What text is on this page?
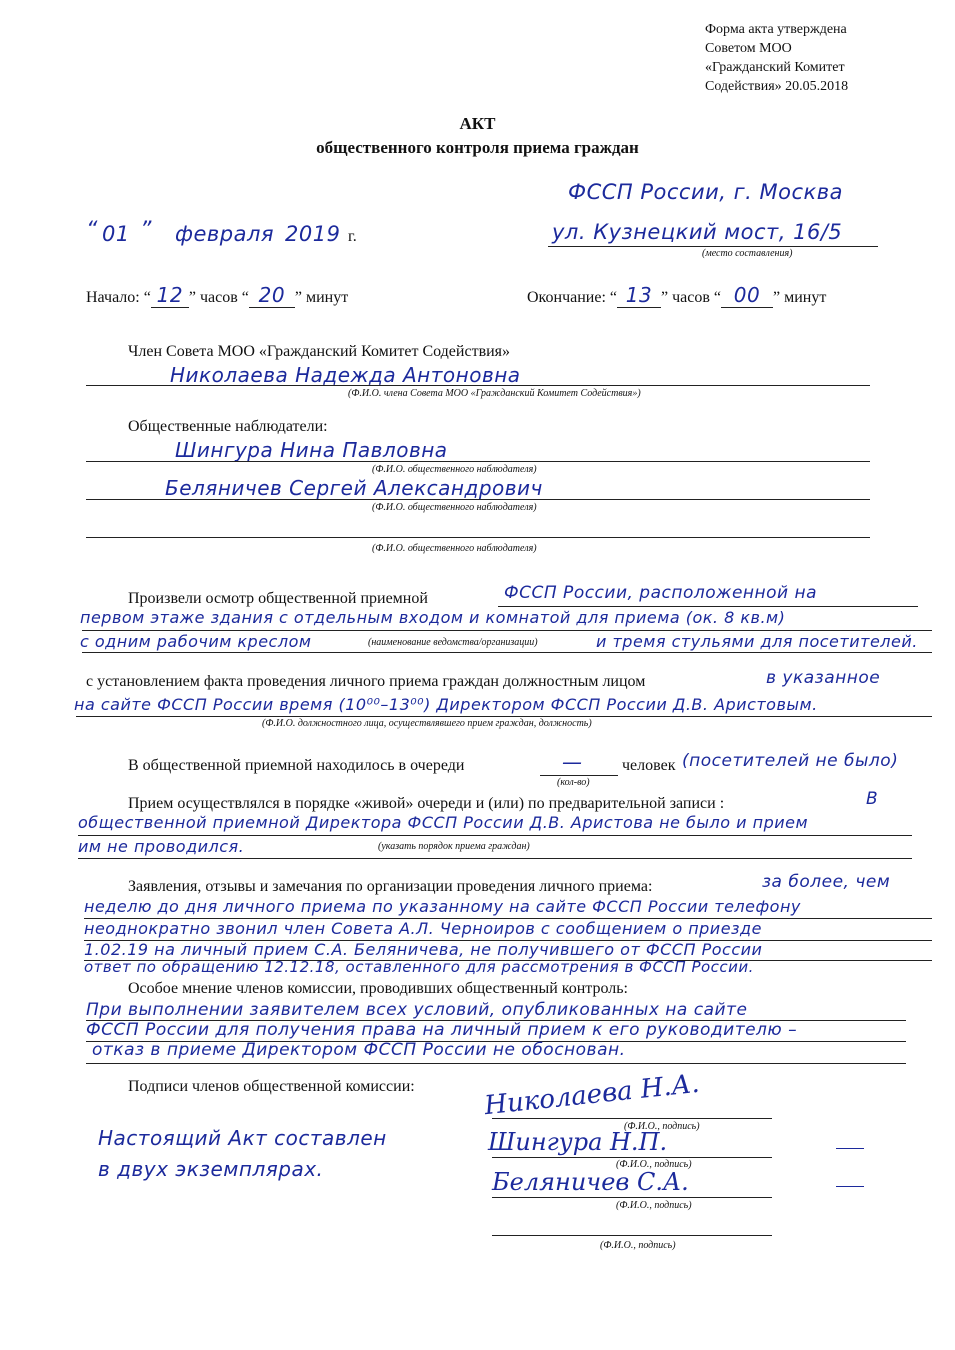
Форма акта утверждена
Советом МОО
«Гражданский Комитет
Содействия» 20.05.2018
АКТ
общественного контроля приема граждан
ФССП России, г. Москва
ул. Кузнецкий мост, 16/5
(место составления)
“ 01 ” февраля 2019 г.
Начало: “ 12 ” часов “ 20 ” минут	Окончание: “ 13 ” часов “ 00 ” минут
Член Совета МОО «Гражданский Комитет Содействия»
Николаева Надежда Антоновна
(Ф.И.О. члена Совета МОО «Гражданский Комитет Содействия»)
Общественные наблюдатели:
Шингура Нина Павловна
(Ф.И.О. общественного наблюдателя)
Беляничев Сергей Александрович
(Ф.И.О. общественного наблюдателя)
(Ф.И.О. общественного наблюдателя)
Произвели осмотр общественной приемной	ФССП России, расположенной на
первом этаже здания с отдельным входом и комнатой для приема (ок. 8 кв.м)
с одним рабочим креслом	(наименование ведомства/организации)	и тремя стульями для посетителей.
с установлением факта проведения личного приема граждан должностным лицом	в указанное
на сайте ФССП России время (10⁰⁰–13⁰⁰) Директором ФССП России Д.В. Аристовым.
(Ф.И.О. должностного лица, осуществлявшего прием граждан, должность)
В общественной приемной находилось в очереди	—
(кол-во)
человек (посетителей не было)
Прием осуществлялся в порядке «живой» очереди и (или) по предварительной записи :	В
общественной приемной Директора ФССП России Д.В. Аристова не было и прием
им не проводился.	(указать порядок приема граждан)
Заявления, отзывы и замечания по организации проведения личного приема:	за более, чем
неделю до дня личного приема по указанному на сайте ФССП России телефону
неоднократно звонил член Совета А.Л. Черноиров с сообщением о приезде
1.02.19 на личный прием С.А. Беляничева, не получившего от ФССП России
ответ по обращению 12.12.18, оставленного для рассмотрения в ФССП России.
Особое мнение членов комиссии, проводивших общественный контроль:
При выполнении заявителем всех условий, опубликованных на сайте
ФССП России для получения права на личный прием к его руководителю –
отказ в приеме Директором ФССП России не обоснован.
Подписи членов общественной комиссии:	Николаева Н.А.
(Ф.И.О., подпись)
Шингура Н.П.
(Ф.И.О., подпись)
Беляничев С.А.
(Ф.И.О., подпись)
(Ф.И.О., подпись)
Настоящий Акт составлен
в двух экземплярах.
